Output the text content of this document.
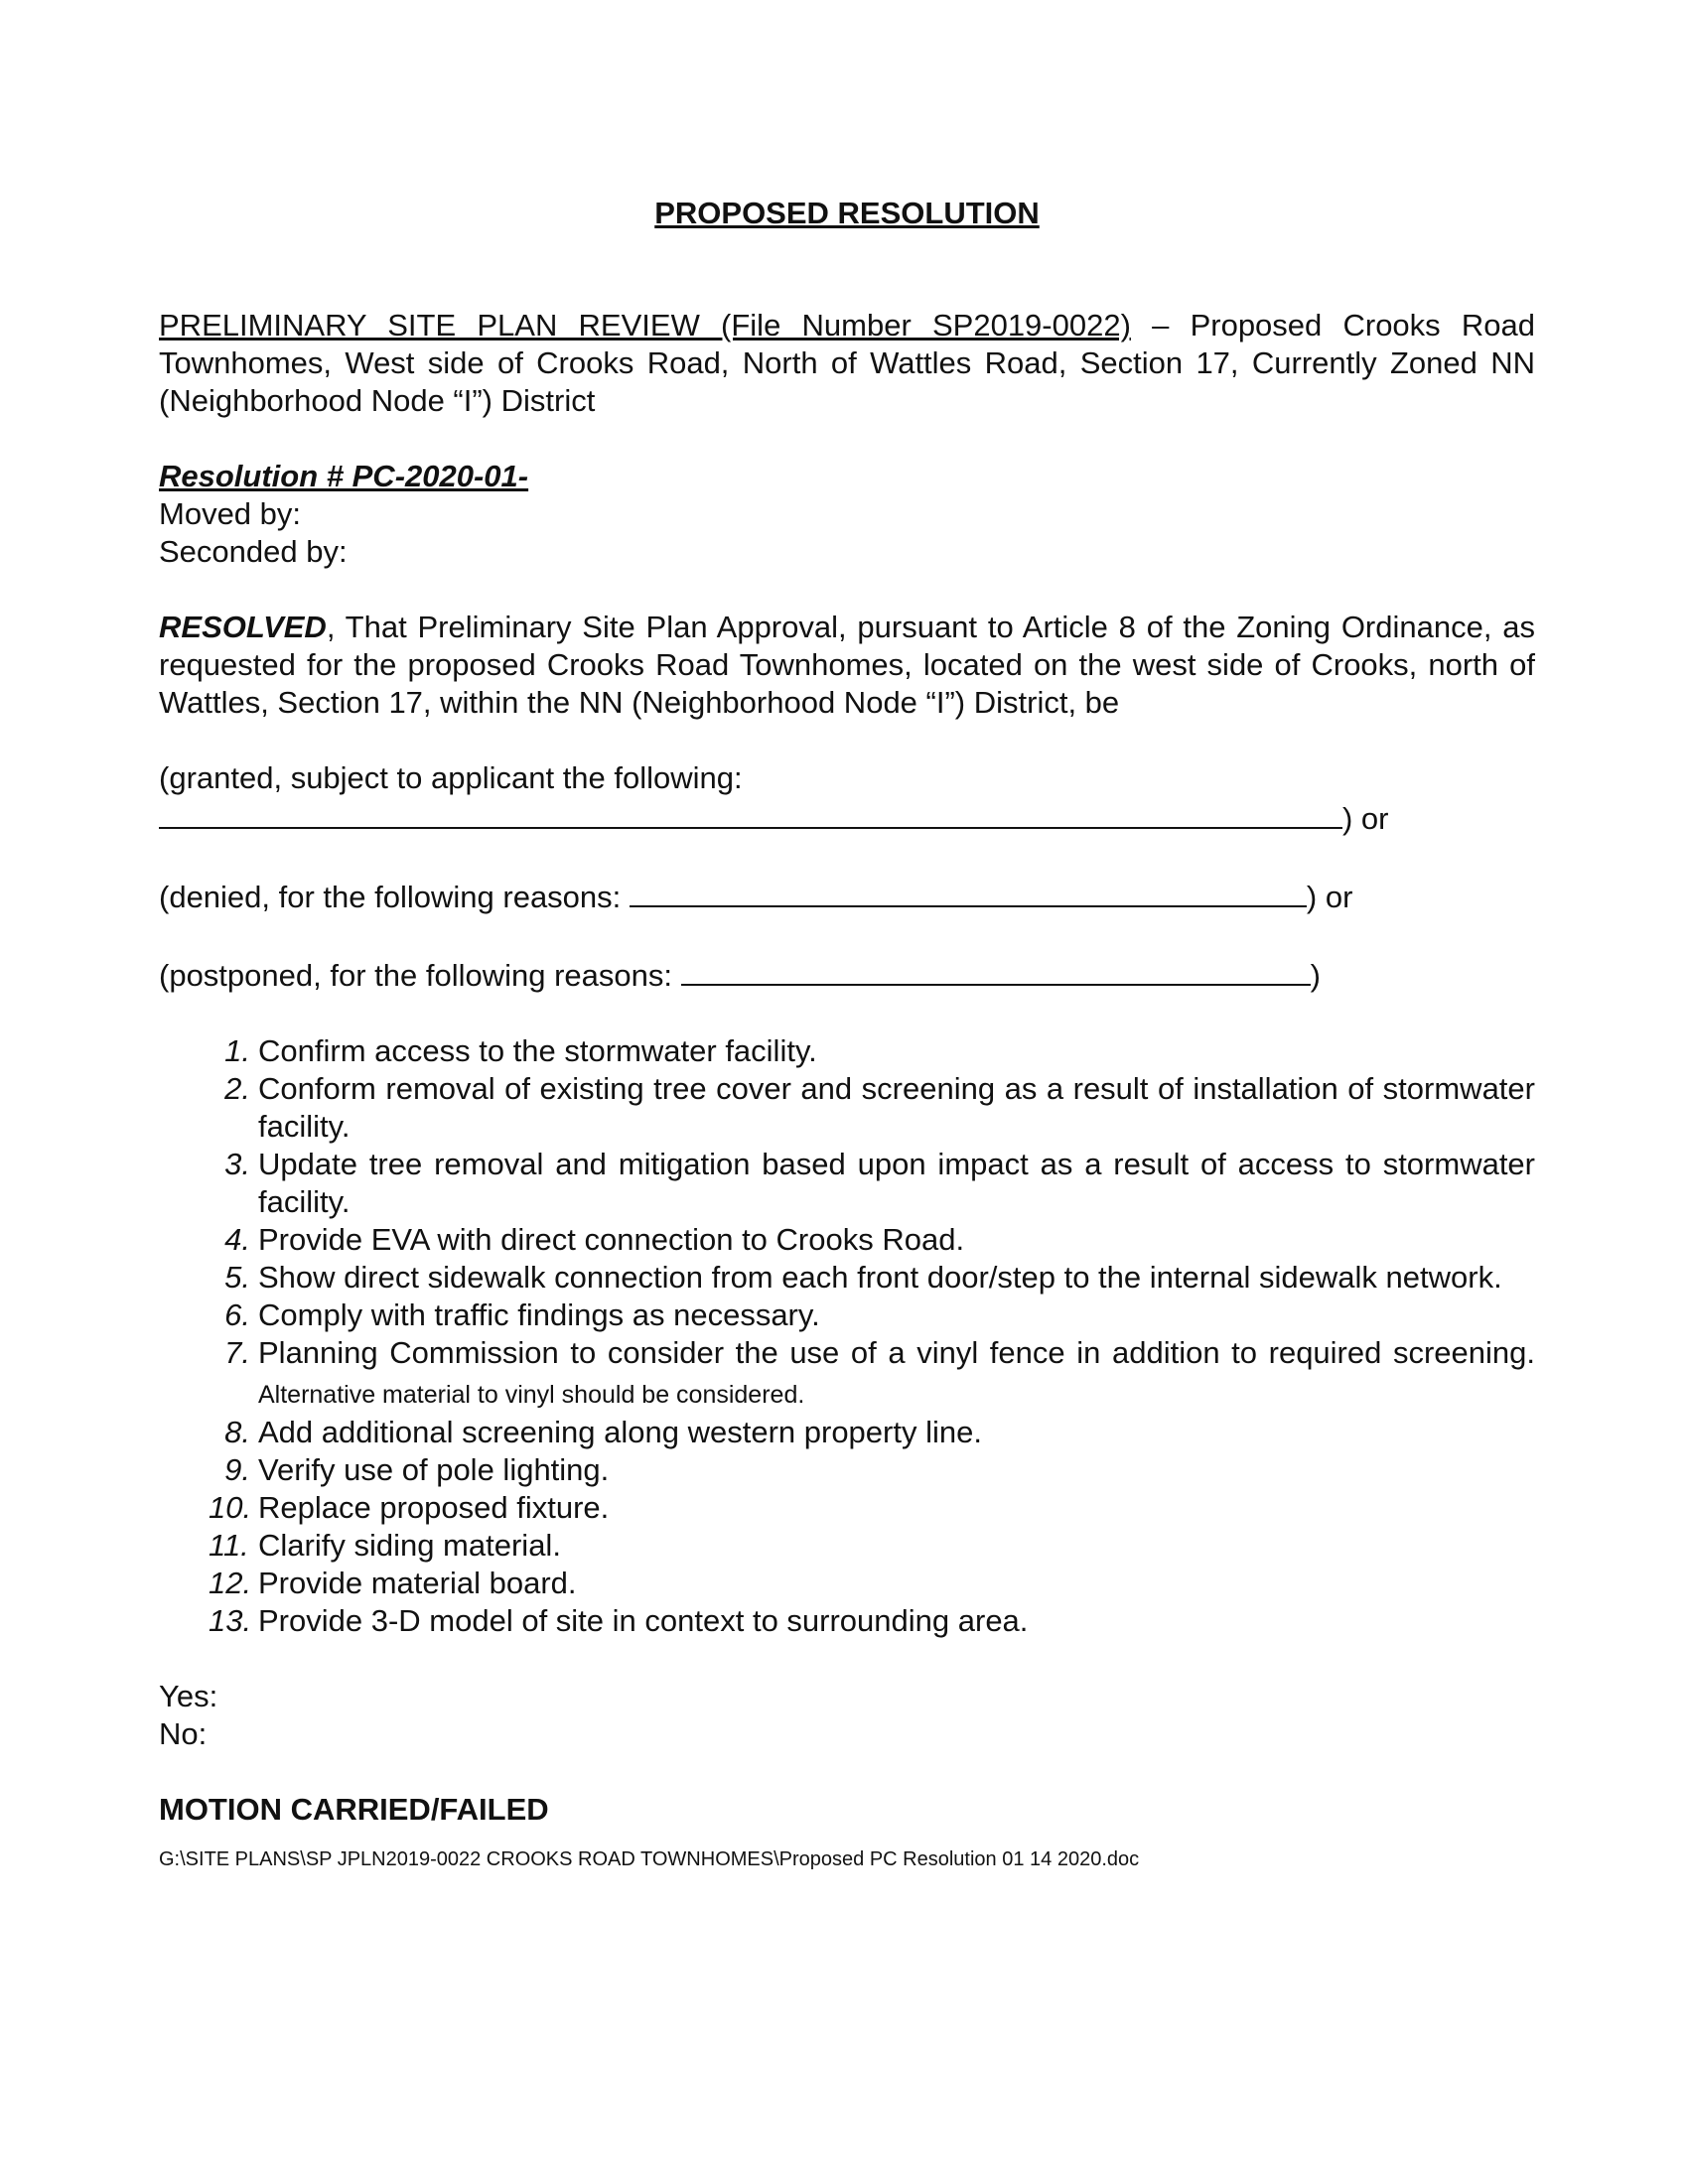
PROPOSED RESOLUTION

PRELIMINARY SITE PLAN REVIEW (File Number SP2019-0022) – Proposed Crooks Road Townhomes, West side of Crooks Road, North of Wattles Road, Section 17, Currently Zoned NN (Neighborhood Node “I”) District
Resolution # PC-2020-01-
Moved by:
Seconded by:
RESOLVED, That Preliminary Site Plan Approval, pursuant to Article 8 of the Zoning Ordinance, as requested for the proposed Crooks Road Townhomes, located on the west side of Crooks, north of Wattles, Section 17, within the NN (Neighborhood Node “I”) District, be
(granted, subject to applicant the following:
) or
(denied, for the following reasons:	) or
(postponed, for the following reasons:	)
1. Confirm access to the stormwater facility.
2. Conform removal of existing tree cover and screening as a result of installation of stormwater facility.
3. Update tree removal and mitigation based upon impact as a result of access to stormwater facility.
4. Provide EVA with direct connection to Crooks Road.
5. Show direct sidewalk connection from each front door/step to the internal sidewalk network.
6. Comply with traffic findings as necessary.
7. Planning Commission to consider the use of a vinyl fence in addition to required screening. Alternative material to vinyl should be considered.
8. Add additional screening along western property line.
9. Verify use of pole lighting.
10. Replace proposed fixture.
11. Clarify siding material.
12. Provide material board.
13. Provide 3-D model of site in context to surrounding area.
Yes:
No:
MOTION CARRIED/FAILED
G:\SITE PLANS\SP JPLN2019-0022 CROOKS ROAD TOWNHOMES\Proposed PC Resolution 01 14 2020.doc
